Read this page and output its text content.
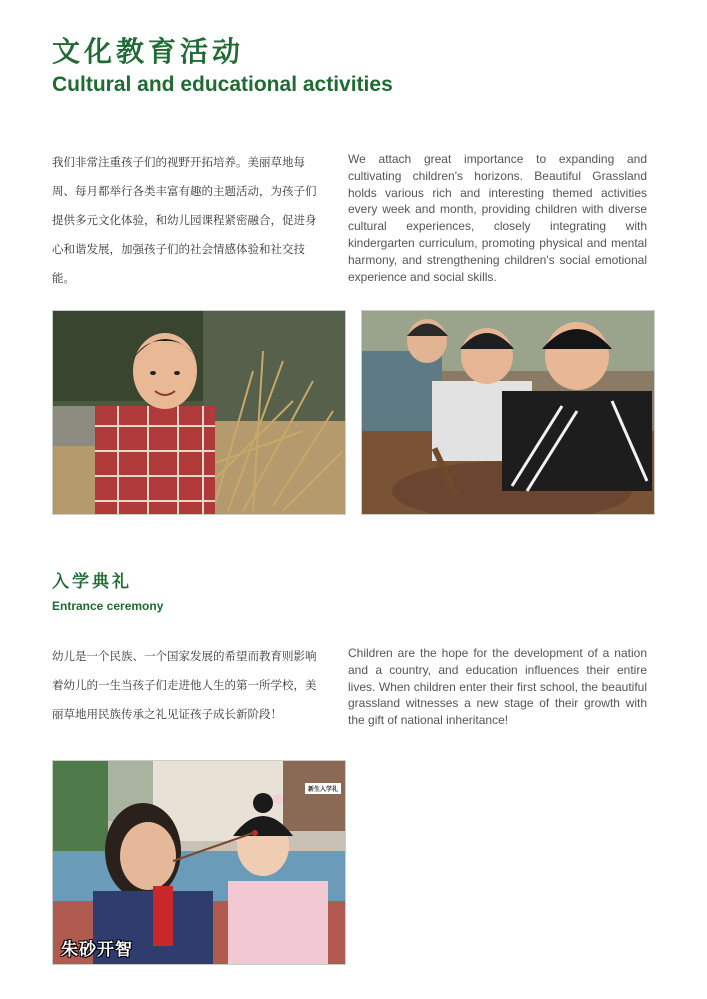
文化教育活动
Cultural and educational activities
我们非常注重孩子们的视野开拓培养。美丽草地每周、每月都举行各类丰富有趣的主题活动，为孩子们提供多元文化体验，和幼儿园课程紧密融合，促进身心和谐发展，加强孩子们的社会情感体验和社交技能。
We attach great importance to expanding and cultivating children's horizons. Beautiful Grassland holds various rich and interesting themed activities every week and month, providing children with diverse cultural experiences, closely integrating with kindergarten curriculum, promoting physical and mental harmony, and strengthening children's social emotional experience and social skills.
入学典礼
Entrance ceremony
幼儿是一个民族、一个国家发展的希望而教育则影响着幼儿的一生当孩子们走进他人生的第一所学校，美丽草地用民族传承之礼见证孩子成长新阶段！
Children are the hope for the development of a nation and a country, and education influences their entire lives. When children enter their first school, the beautiful grassland witnesses a new stage of their growth with the gift of national inheritance!
新生入学礼
朱砂开智
